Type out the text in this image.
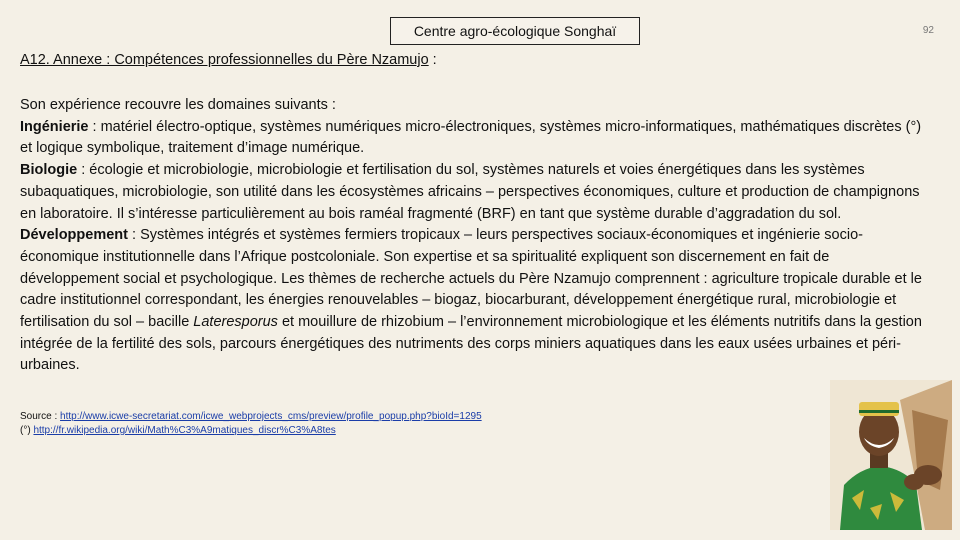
Centre agro-écologique Songhaï	92
A12. Annexe : Compétences professionnelles du Père Nzamujo :

Son expérience recouvre les domaines suivants :

Ingénierie : matériel électro-optique, systèmes numériques micro-électroniques, systèmes micro-informatiques, mathématiques discrètes (°) et logique symbolique, traitement d’image numérique.

Biologie : écologie et microbiologie, microbiologie et fertilisation du sol, systèmes naturels et voies énergétiques dans les systèmes subaquatiques, microbiologie, son utilité dans les écosystèmes africains – perspectives économiques, culture et production de champignons en laboratoire. Il s’intéresse particulièrement au bois raméal fragmenté (BRF) en tant que système durable d’aggradation du sol.

Développement : Systèmes intégrés et systèmes fermiers tropicaux – leurs perspectives sociaux-économiques et ingénierie socio-économique institutionnelle dans l’Afrique postcoloniale. Son expertise et sa spiritualité expliquent son discernement en fait de développement social et psychologique. Les thèmes de recherche actuels du Père Nzamujo comprennent : agriculture tropicale durable et le cadre institutionnel correspondant, les énergies renouvelables – biogaz, biocarburant, développement énergétique rural, microbiologie et fertilisation du sol – bacille Lateresporus et mouillure de rhizobium – l’environnement microbiologique et les éléments nutritifs dans la gestion intégrée de la fertilité des sols, parcours énergétiques des nutriments des corps miniers aquatiques dans les eaux usées urbaines et péri-urbaines.

Source : http://www.icwe-secretariat.com/icwe_webprojects_cms/preview/profile_popup.php?bioId=1295
(°) http://fr.wikipedia.org/wiki/Math%C3%A9matiques_discr%C3%A8tes
